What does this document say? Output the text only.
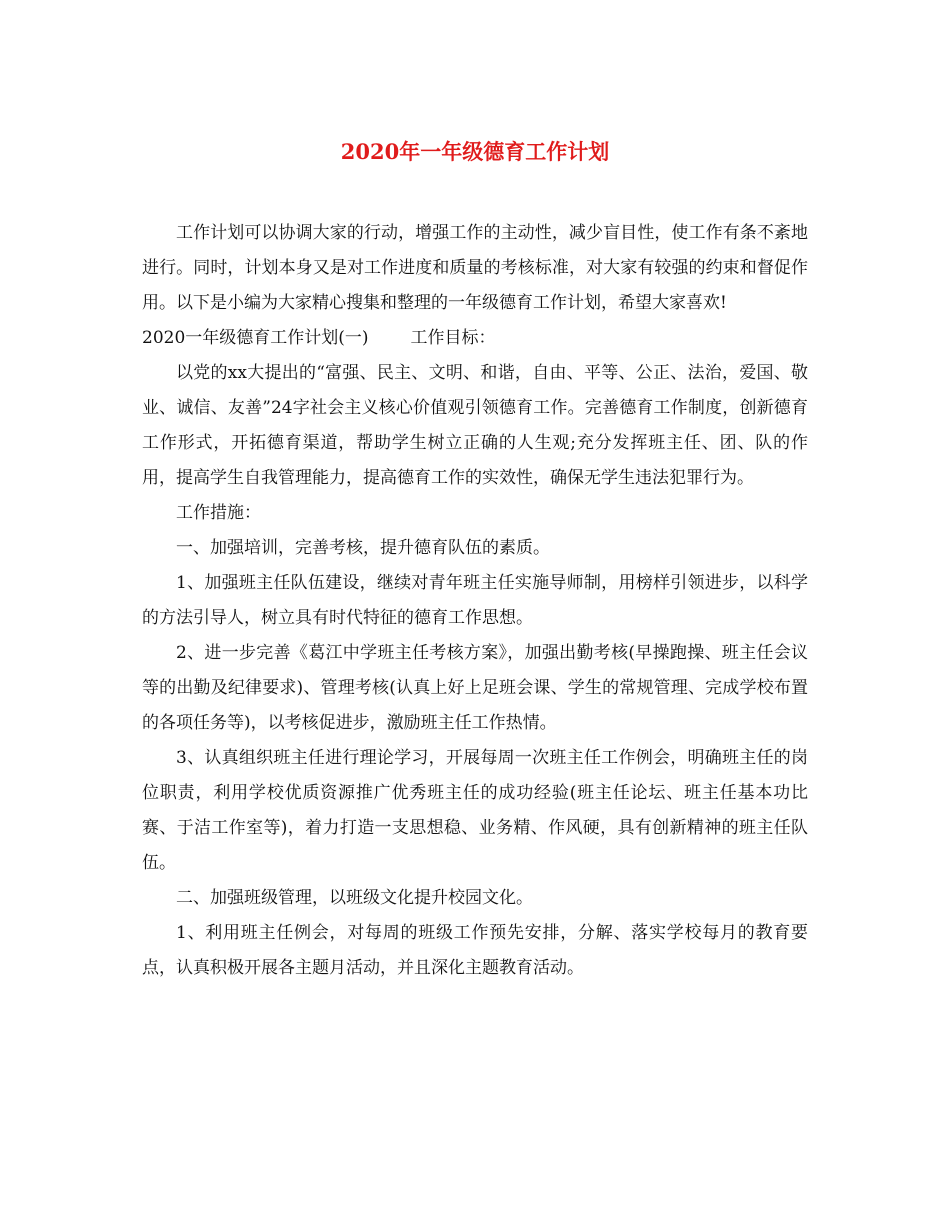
2020年一年级德育工作计划

工作计划可以协调大家的行动，增强工作的主动性，减少盲目性，使工作有条不紊地进行。同时，计划本身又是对工作进度和质量的考核标准，对大家有较强的约束和督促作用。以下是小编为大家精心搜集和整理的一年级德育工作计划，希望大家喜欢!

2020一年级德育工作计划(一) 工作目标：

以党的xx大提出的“富强、民主、文明、和谐，自由、平等、公正、法治，爱国、敬业、诚信、友善”24字社会主义核心价值观引领德育工作。完善德育工作制度，创新德育工作形式，开拓德育渠道，帮助学生树立正确的人生观;充分发挥班主任、团、队的作用，提高学生自我管理能力，提高德育工作的实效性，确保无学生违法犯罪行为。

工作措施：

一、加强培训，完善考核，提升德育队伍的素质。

1、加强班主任队伍建设，继续对青年班主任实施导师制，用榜样引领进步，以科学的方法引导人，树立具有时代特征的德育工作思想。

2、进一步完善《葛江中学班主任考核方案》，加强出勤考核(早操跑操、班主任会议等的出勤及纪律要求)、管理考核(认真上好上足班会课、学生的常规管理、完成学校布置的各项任务等)，以考核促进步，激励班主任工作热情。

3、认真组织班主任进行理论学习，开展每周一次班主任工作例会，明确班主任的岗位职责，利用学校优质资源推广优秀班主任的成功经验(班主任论坛、班主任基本功比赛、于洁工作室等)，着力打造一支思想稳、业务精、作风硬，具有创新精神的班主任队伍。

二、加强班级管理，以班级文化提升校园文化。

1、利用班主任例会，对每周的班级工作预先安排，分解、落实学校每月的教育要点，认真积极开展各主题月活动，并且深化主题教育活动。
